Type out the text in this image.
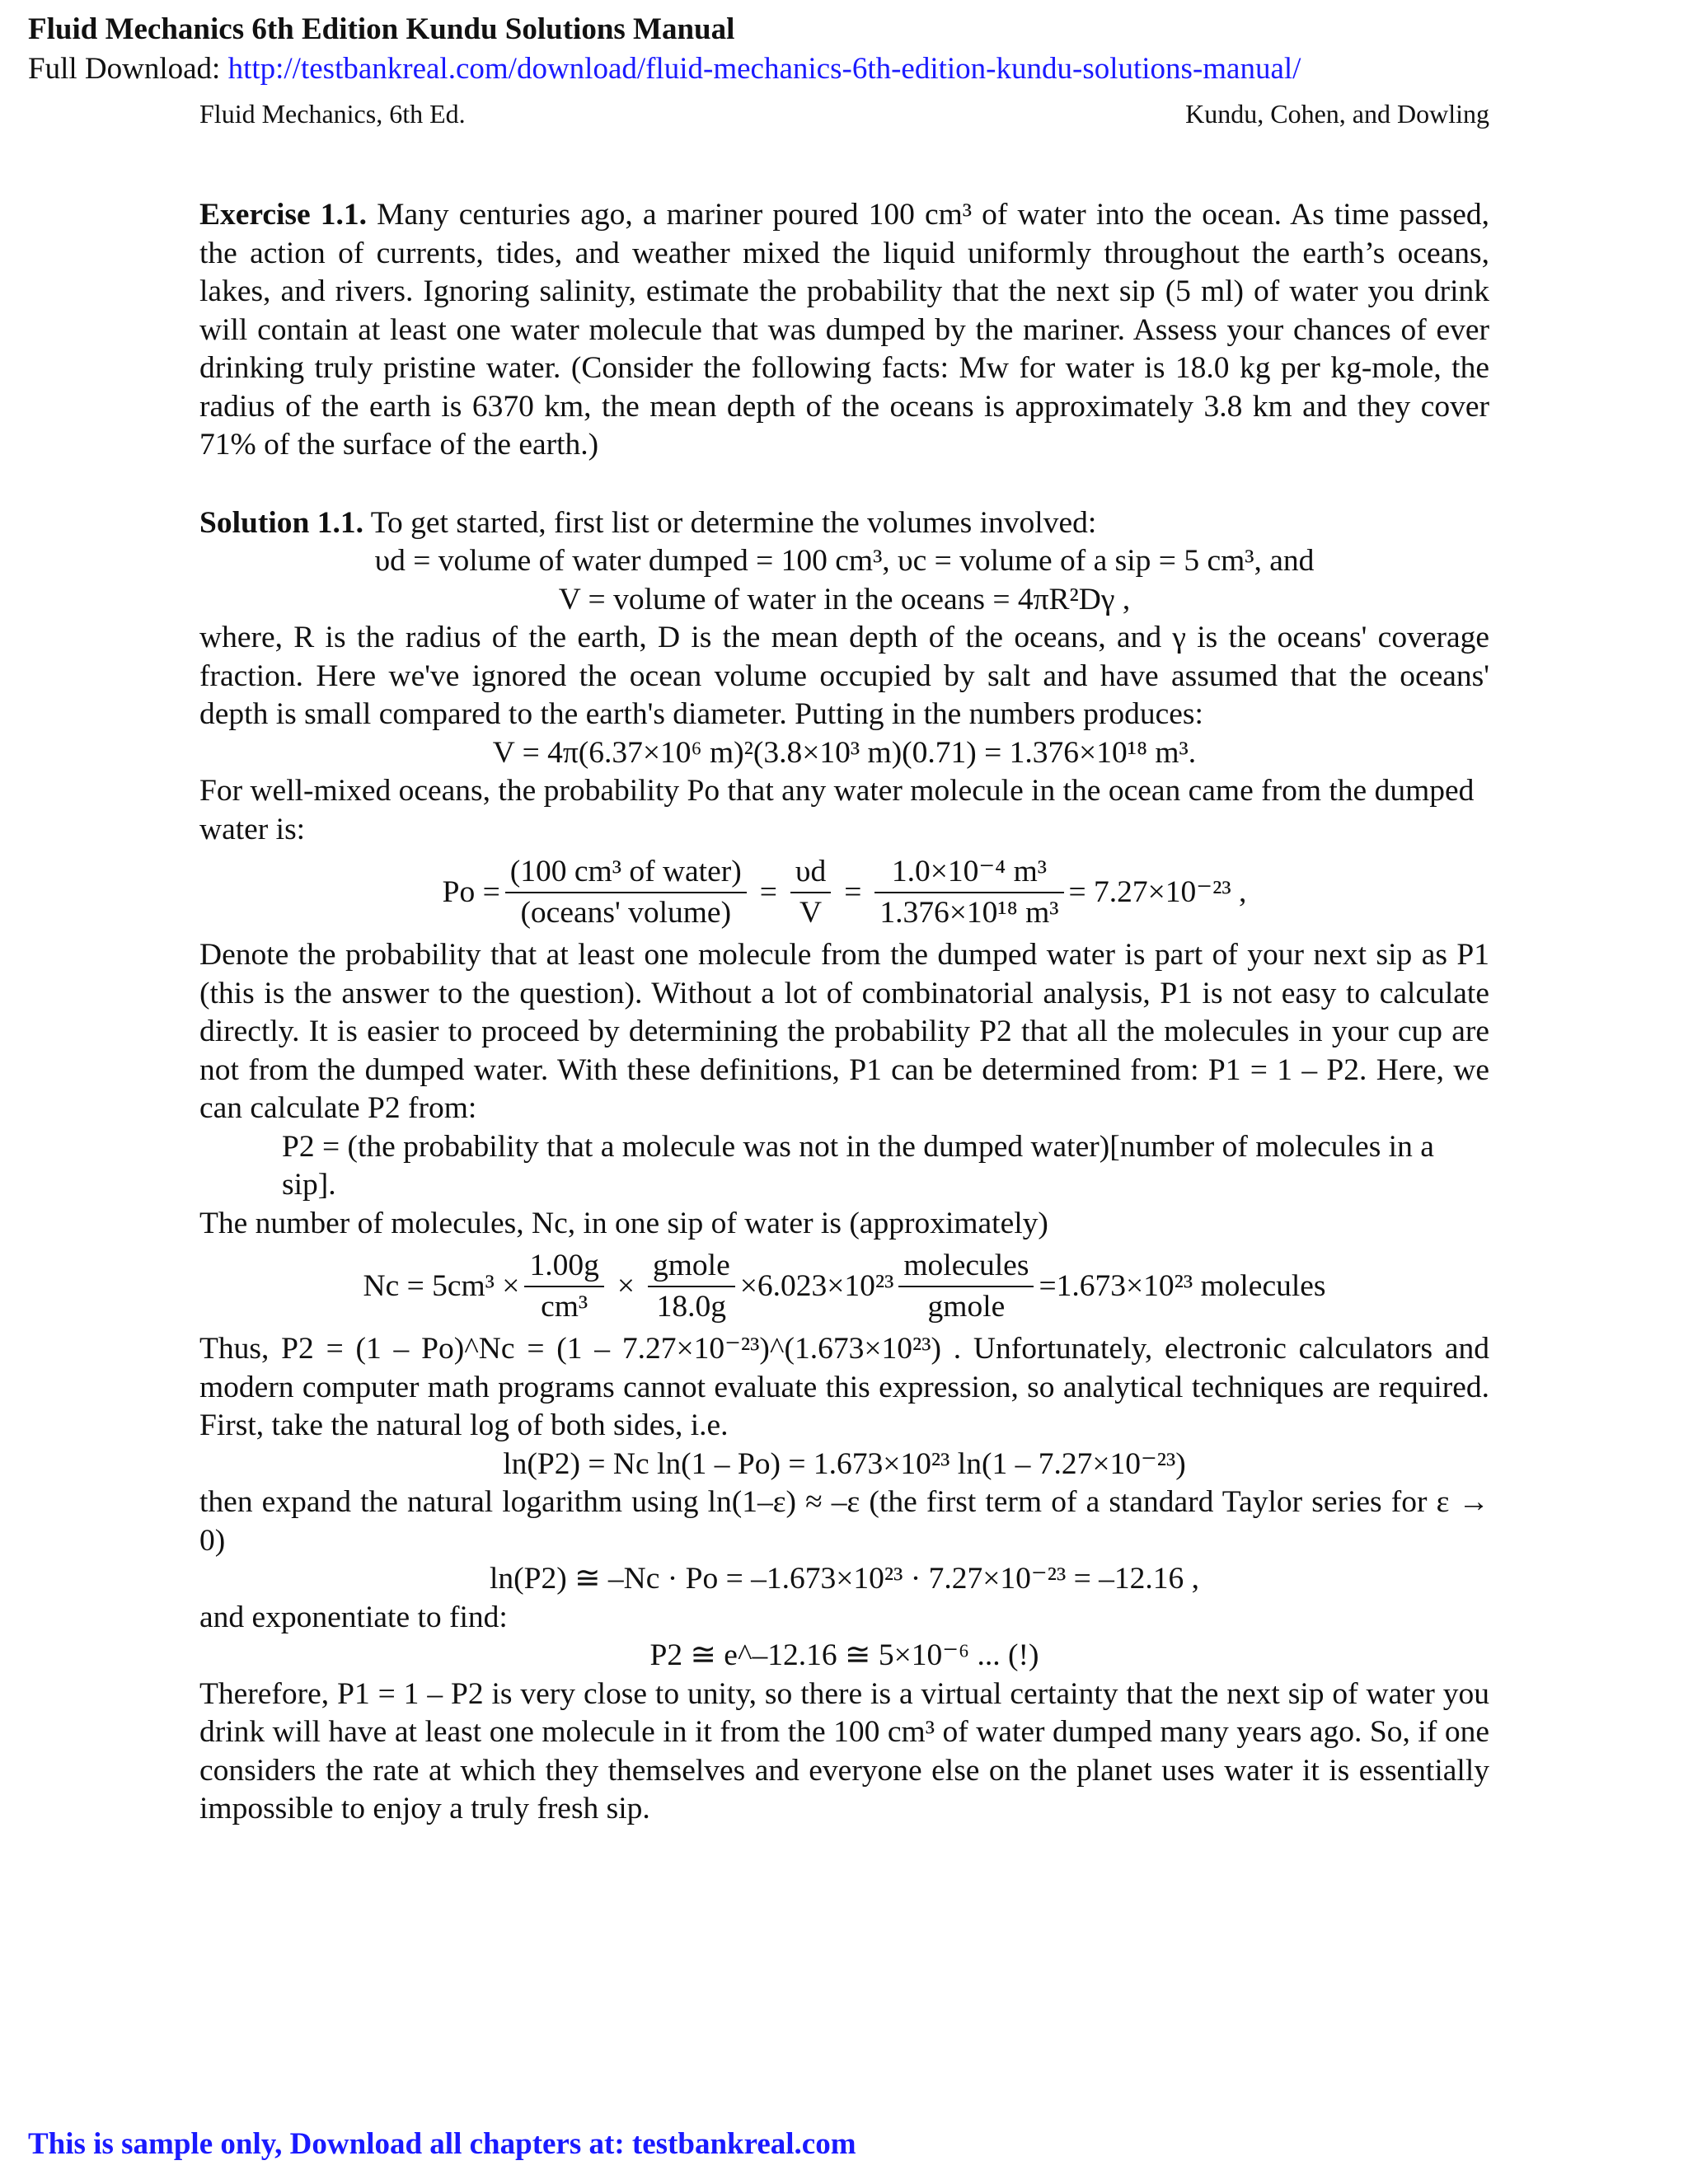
Fluid Mechanics 6th Edition Kundu Solutions Manual
Full Download: http://testbankreal.com/download/fluid-mechanics-6th-edition-kundu-solutions-manual/
Fluid Mechanics, 6th Ed.	Kundu, Cohen, and Dowling

Exercise 1.1. Many centuries ago, a mariner poured 100 cm³ of water into the ocean. As time passed, the action of currents, tides, and weather mixed the liquid uniformly throughout the earth’s oceans, lakes, and rivers. Ignoring salinity, estimate the probability that the next sip (5 ml) of water you drink will contain at least one water molecule that was dumped by the mariner. Assess your chances of ever drinking truly pristine water. (Consider the following facts: Mw for water is 18.0 kg per kg-mole, the radius of the earth is 6370 km, the mean depth of the oceans is approximately 3.8 km and they cover 71% of the surface of the earth.)

Solution 1.1. To get started, first list or determine the volumes involved:

υd = volume of water dumped = 100 cm³, υc = volume of a sip = 5 cm³, and

V = volume of water in the oceans = 4πR²Dγ ,

where, R is the radius of the earth, D is the mean depth of the oceans, and γ is the oceans' coverage fraction. Here we've ignored the ocean volume occupied by salt and have assumed that the oceans' depth is small compared to the earth's diameter. Putting in the numbers produces:

V = 4π(6.37×10⁶ m)²(3.8×10³ m)(0.71) = 1.376×10¹⁸ m³.

For well-mixed oceans, the probability Po that any water molecule in the ocean came from the dumped water is:

$Po = \frac{\text{(100 cm³ of water)}}{\text{(oceans' volume)}} = \frac{\upsilon d}{V} = \frac{\text{1.0×10⁻⁴ m³}}{\text{1.376×10¹⁸ m³}} = 7.27\times 10^{-23}$ ,

Denote the probability that at least one molecule from the dumped water is part of your next sip as P1 (this is the answer to the question). Without a lot of combinatorial analysis, P1 is not easy to calculate directly. It is easier to proceed by determining the probability P2 that all the molecules in your cup are not from the dumped water. With these definitions, P1 can be determined from: P1 = 1 – P2. Here, we can calculate P2 from:

P2 = (the probability that a molecule was not in the dumped water)[number of molecules in a sip].

The number of molecules, Nc, in one sip of water is (approximately)

$Nc = 5cm^3 \times \frac{1.00g}{\text{cm³}} \times \frac{\text{gmole}}{18.0g} \times 6.023\times 10^{23} \frac{\text{molecules}}{\text{gmole}} =1.673\times 10^{23}$ molecules

Thus, P2 = (1 – Po)^Nc = (1 – 7.27×10⁻²³)^(1.673×10²³) . Unfortunately, electronic calculators and modern computer math programs cannot evaluate this expression, so analytical techniques are required. First, take the natural log of both sides, i.e.

ln(P2) = Nc ln(1 – Po) = 1.673×10²³ ln(1 – 7.27×10⁻²³)

then expand the natural logarithm using ln(1–ε) ≈ –ε (the first term of a standard Taylor series for ε → 0)

ln(P2) ≅ –Nc · Po = –1.673×10²³ · 7.27×10⁻²³ = –12.16 ,

and exponentiate to find:

P2 ≅ e^–12.16 ≅ 5×10⁻⁶ ... (!)

Therefore, P1 = 1 – P2 is very close to unity, so there is a virtual certainty that the next sip of water you drink will have at least one molecule in it from the 100 cm³ of water dumped many years ago. So, if one considers the rate at which they themselves and everyone else on the planet uses water it is essentially impossible to enjoy a truly fresh sip.

This is sample only, Download all chapters at: testbankreal.com
